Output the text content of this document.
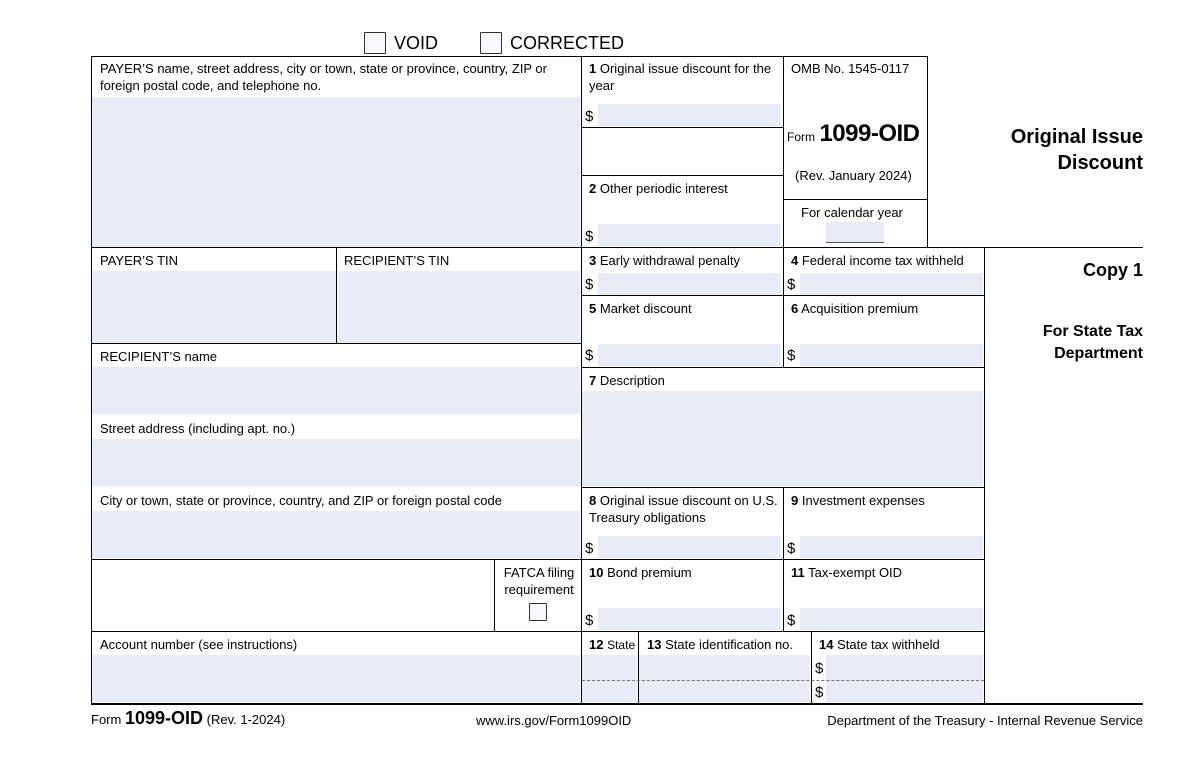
VOID	CORRECTED
PAYER’S name, street address, city or town, state or province, country, ZIP or foreign postal code, and telephone no.
1 Original issue discount for the year
$
2 Other periodic interest
$
OMB No. 1545-0117
Form 1099-OID
(Rev. January 2024)
For calendar year
Original Issue
Discount
PAYER’S TIN	RECIPIENT’S TIN	3 Early withdrawal penalty
$
4 Federal income tax withheld
$
5 Market discount
$
6 Acquisition premium
$
Copy 1
For State Tax Department
RECIPIENT’S name
7 Description
Street address (including apt. no.)
City or town, state or province, country, and ZIP or foreign postal code	8 Original issue discount on U.S. Treasury obligations
$
9 Investment expenses
$
FATCA filing requirement
10 Bond premium
$
11 Tax-exempt OID
$
Account number (see instructions)	12 State 13 State identification no. 14 State tax withheld
$
$
Form 1099-OID (Rev. 1-2024)	www.irs.gov/Form1099OID	Department of the Treasury - Internal Revenue Service
